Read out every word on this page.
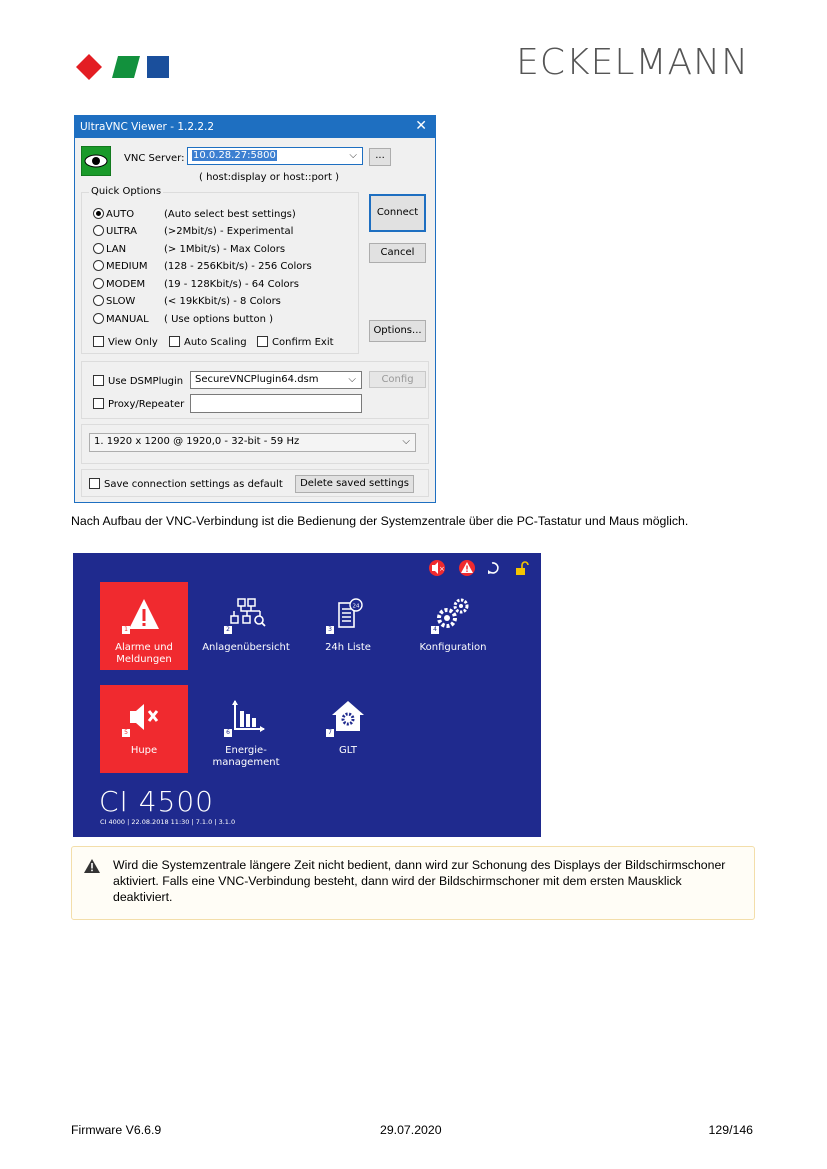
ECKELMANN
UltraVNC Viewer - 1.2.2.2	✕
VNC Server: 10.0.28.27:5800	⌵	...
( host:display or host::port )
Quick Options
AUTO	(Auto select best settings)
ULTRA	(>2Mbit/s) - Experimental
LAN	(> 1Mbit/s) - Max Colors
MEDIUM (128 - 256Kbit/s) - 256 Colors
MODEM (19 - 128Kbit/s) - 64 Colors
SLOW	(< 19kKbit/s) - 8 Colors
MANUAL ( Use options button )
View Only	Auto Scaling	Confirm Exit
Connect
Cancel
Options...
Use DSMPlugin	SecureVNCPlugin64.dsm	⌵	Config
Proxy/Repeater
1. 1920 x 1200 @ 1920,0 - 32-bit - 59 Hz	⌵
Save connection settings as default	Delete saved settings
Nach Aufbau der VNC-Verbindung ist die Bedienung der Systemzentrale über die PC-Tastatur und Maus möglich.
×
1
Alarme und
Meldungen
2
Anlagenübersicht
24
3
24h Liste
4
Konfiguration
5
Hupe
6
Energie-
management
7
GLT
CI 4500
CI 4000 | 22.08.2018 11:30 | 7.1.0 | 3.1.0
Wird die Systemzentrale längere Zeit nicht bedient, dann wird zur Schonung des Displays der Bildschirmschoner aktiviert. Falls eine VNC-Verbindung besteht, dann wird der Bildschirmschoner mit dem ersten Mausklick deaktiviert.
Firmware V6.6.9	29.07.2020	129/146
